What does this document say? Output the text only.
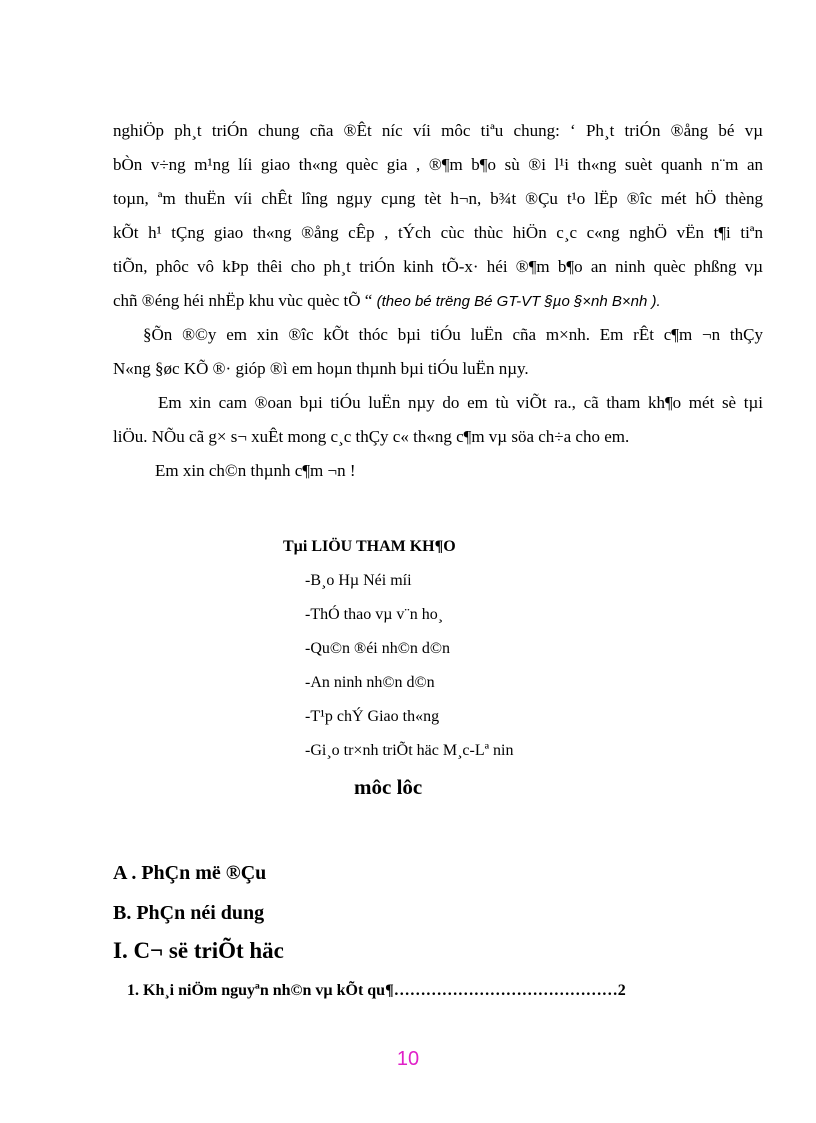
nghiÖp ph¸t triÓn chung cña ®Êt níc víi môc tiªu chung: ‘ Ph¸t triÓn ®ång bé vµ
bÒn v÷ng m¹ng líi giao th«ng quèc gia , ®¶m b¶o sù ®i l¹i th«ng suèt quanh n¨m an
toµn, ªm thuËn víi chÊt lîng ngµy cµng tèt h¬n, b¾t ®Çu t¹o lËp ®îc mét hÖ thèng
kÕt h¹ tÇng giao th«ng ®ång cÊp , tÝch cùc thùc hiÖn c¸c c«ng nghÖ vËn t¶i tiªn
tiÕn, phôc vô kÞp thêi cho ph¸t triÓn kinh tÕ-x· héi ®¶m b¶o an ninh quèc phßng vµ
chñ ®éng héi nhËp khu vùc quèc tÕ “ (theo bé trëng Bé GT-VT §µo §×nh B×nh ).
§Õn ®©y em xin ®îc kÕt thóc bµi tiÓu luËn cña m×nh. Em rÊt c¶m ¬n thÇy
N«ng §øc KÕ ®· gióp ®ì em hoµn thµnh bµi tiÓu luËn nµy.
Em xin cam ®oan bµi tiÓu luËn nµy do em tù viÕt ra., cã tham kh¶o mét sè tµi
liÖu. NÕu cã g× s¬ xuÊt mong c¸c thÇy c« th«ng c¶m vµ söa ch÷a cho em.
Em xin ch©n thµnh c¶m ¬n !
Tµi LIÖU THAM KH¶O
-B¸o Hµ Néi míi
-ThÓ thao vµ v¨n ho¸
-Qu©n ®éi nh©n d©n
-An ninh nh©n d©n
-T¹p chÝ Giao th«ng
-Gi¸o tr×nh triÕt häc M¸c-Lª nin
môc lôc
A . PhÇn më ®Çu
B. PhÇn néi dung
I. C¬ së triÕt häc
1. Kh¸i niÖm nguyªn nh©n vµ kÕt qu¶……………………………………2
10
